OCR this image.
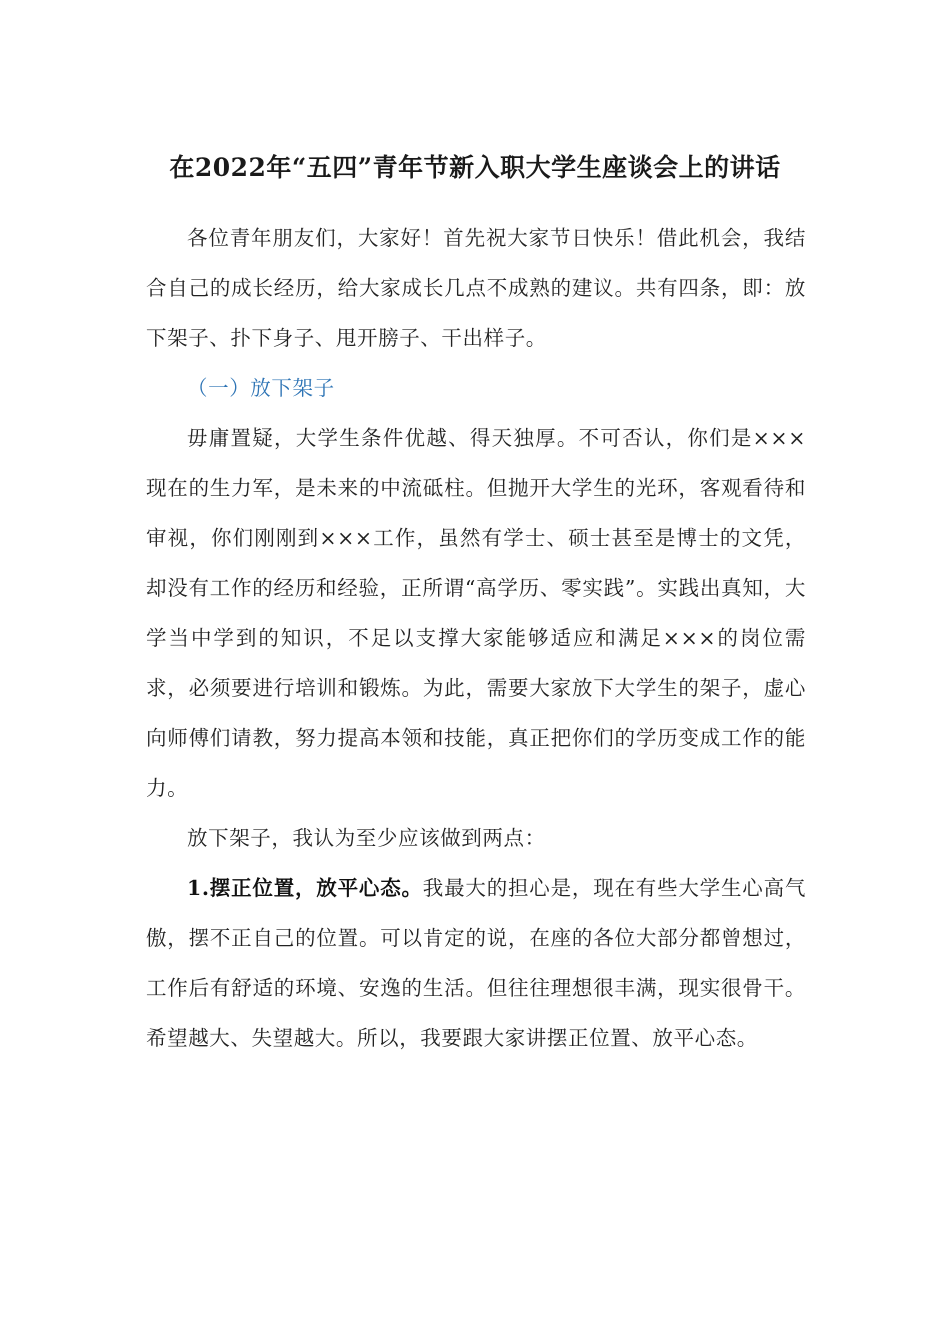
在2022年“五四”青年节新入职大学生座谈会上的讲话

各位青年朋友们，大家好！首先祝大家节日快乐！借此机会，我结合自己的成长经历，给大家成长几点不成熟的建议。共有四条，即：放下架子、扑下身子、甩开膀子、干出样子。

（一）放下架子

毋庸置疑，大学生条件优越、得天独厚。不可否认，你们是×××现在的生力军，是未来的中流砥柱。但抛开大学生的光环，客观看待和审视，你们刚刚到×××工作，虽然有学士、硕士甚至是博士的文凭，却没有工作的经历和经验，正所谓“高学历、零实践”。实践出真知，大学当中学到的知识，不足以支撑大家能够适应和满足×××的岗位需求，必须要进行培训和锻炼。为此，需要大家放下大学生的架子，虚心向师傅们请教，努力提高本领和技能，真正把你们的学历变成工作的能力。

放下架子，我认为至少应该做到两点：

1.摆正位置，放平心态。我最大的担心是，现在有些大学生心高气傲，摆不正自己的位置。可以肯定的说，在座的各位大部分都曾想过，工作后有舒适的环境、安逸的生活。但往往理想很丰满，现实很骨干。希望越大、失望越大。所以，我要跟大家讲摆正位置、放平心态。
